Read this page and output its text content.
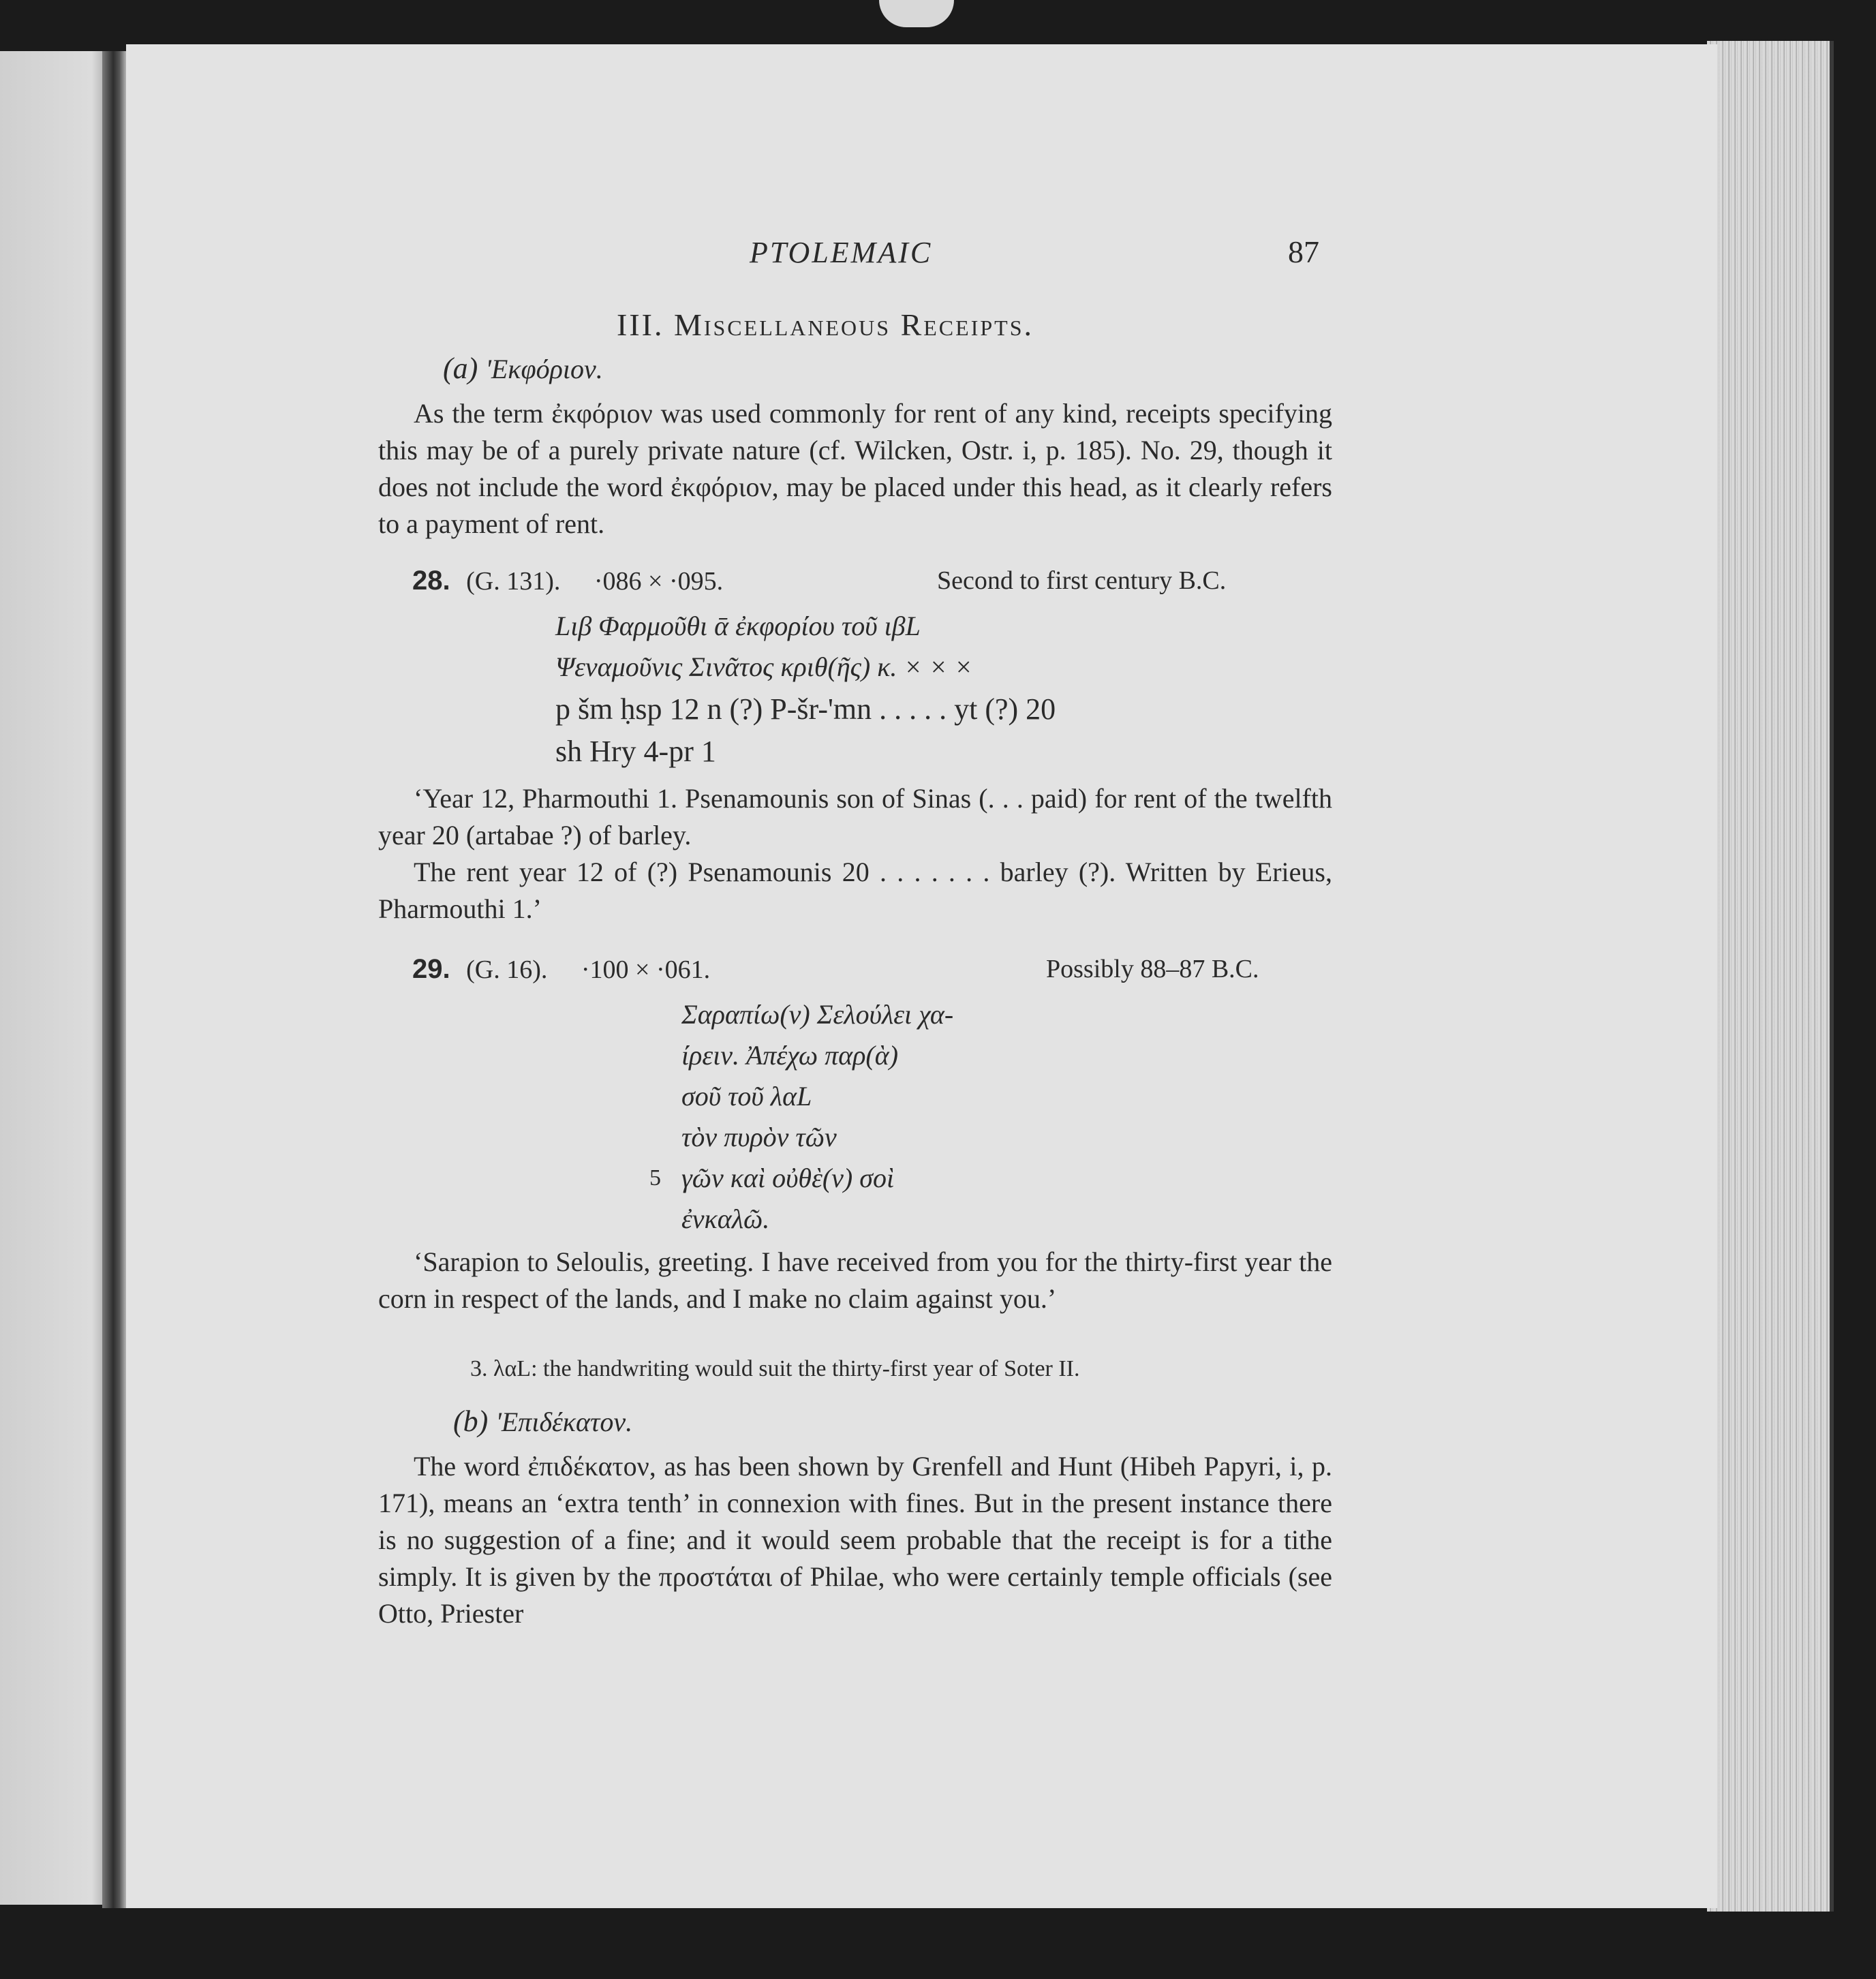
PTOLEMAIC	87
III. Miscellaneous Receipts.
(a) 'Εκφόριον.

As the term ἐκφόριον was used commonly for rent of any kind, receipts specifying this may be of a purely private nature (cf. Wilcken, Ostr. i, p. 185). No. 29, though it does not include the word ἐκφόριον, may be placed under this head, as it clearly refers to a payment of rent.

28. (G. 131). ·086 × ·095.	Second to first century B.C.
Lιβ Φαρμοῦθι ᾱ ἐκφορίου τοῦ ιβL
Ψεναμοῦνις Σινᾶτος κριθ(ῆς) κ. × × ×
p šm ḥsp 12 n (?) P-šr-'mn . . . . . yt (?) 20
sh Hry 4-pr 1

‘Year 12, Pharmouthi 1. Psenamounis son of Sinas (. . . paid) for rent of the twelfth year 20 (artabae ?) of barley.

The rent year 12 of (?) Psenamounis 20 . . . . . . . barley (?). Written by Erieus, Pharmouthi 1.’

29. (G. 16). ·100 × ·061.	Possibly 88–87 B.C.
Σαραπίω(ν) Σελούλει χα-
ίρειν. Ἀπέχω παρ(ὰ)
σοῦ τοῦ λαL
τὸν πυρὸν τῶν
5 γῶν καὶ οὐθὲ(ν) σοὶ
ἐνκαλῶ.

‘Sarapion to Seloulis, greeting. I have received from you for the thirty-first year the corn in respect of the lands, and I make no claim against you.’

3. λαL: the handwriting would suit the thirty-first year of Soter II.
(b) 'Επιδέκατον.

The word ἐπιδέκατον, as has been shown by Grenfell and Hunt (Hibeh Papyri, i, p. 171), means an ‘extra tenth’ in connexion with fines. But in the present instance there is no suggestion of a fine; and it would seem probable that the receipt is for a tithe simply. It is given by the προστάται of Philae, who were certainly temple officials (see Otto, Priester
